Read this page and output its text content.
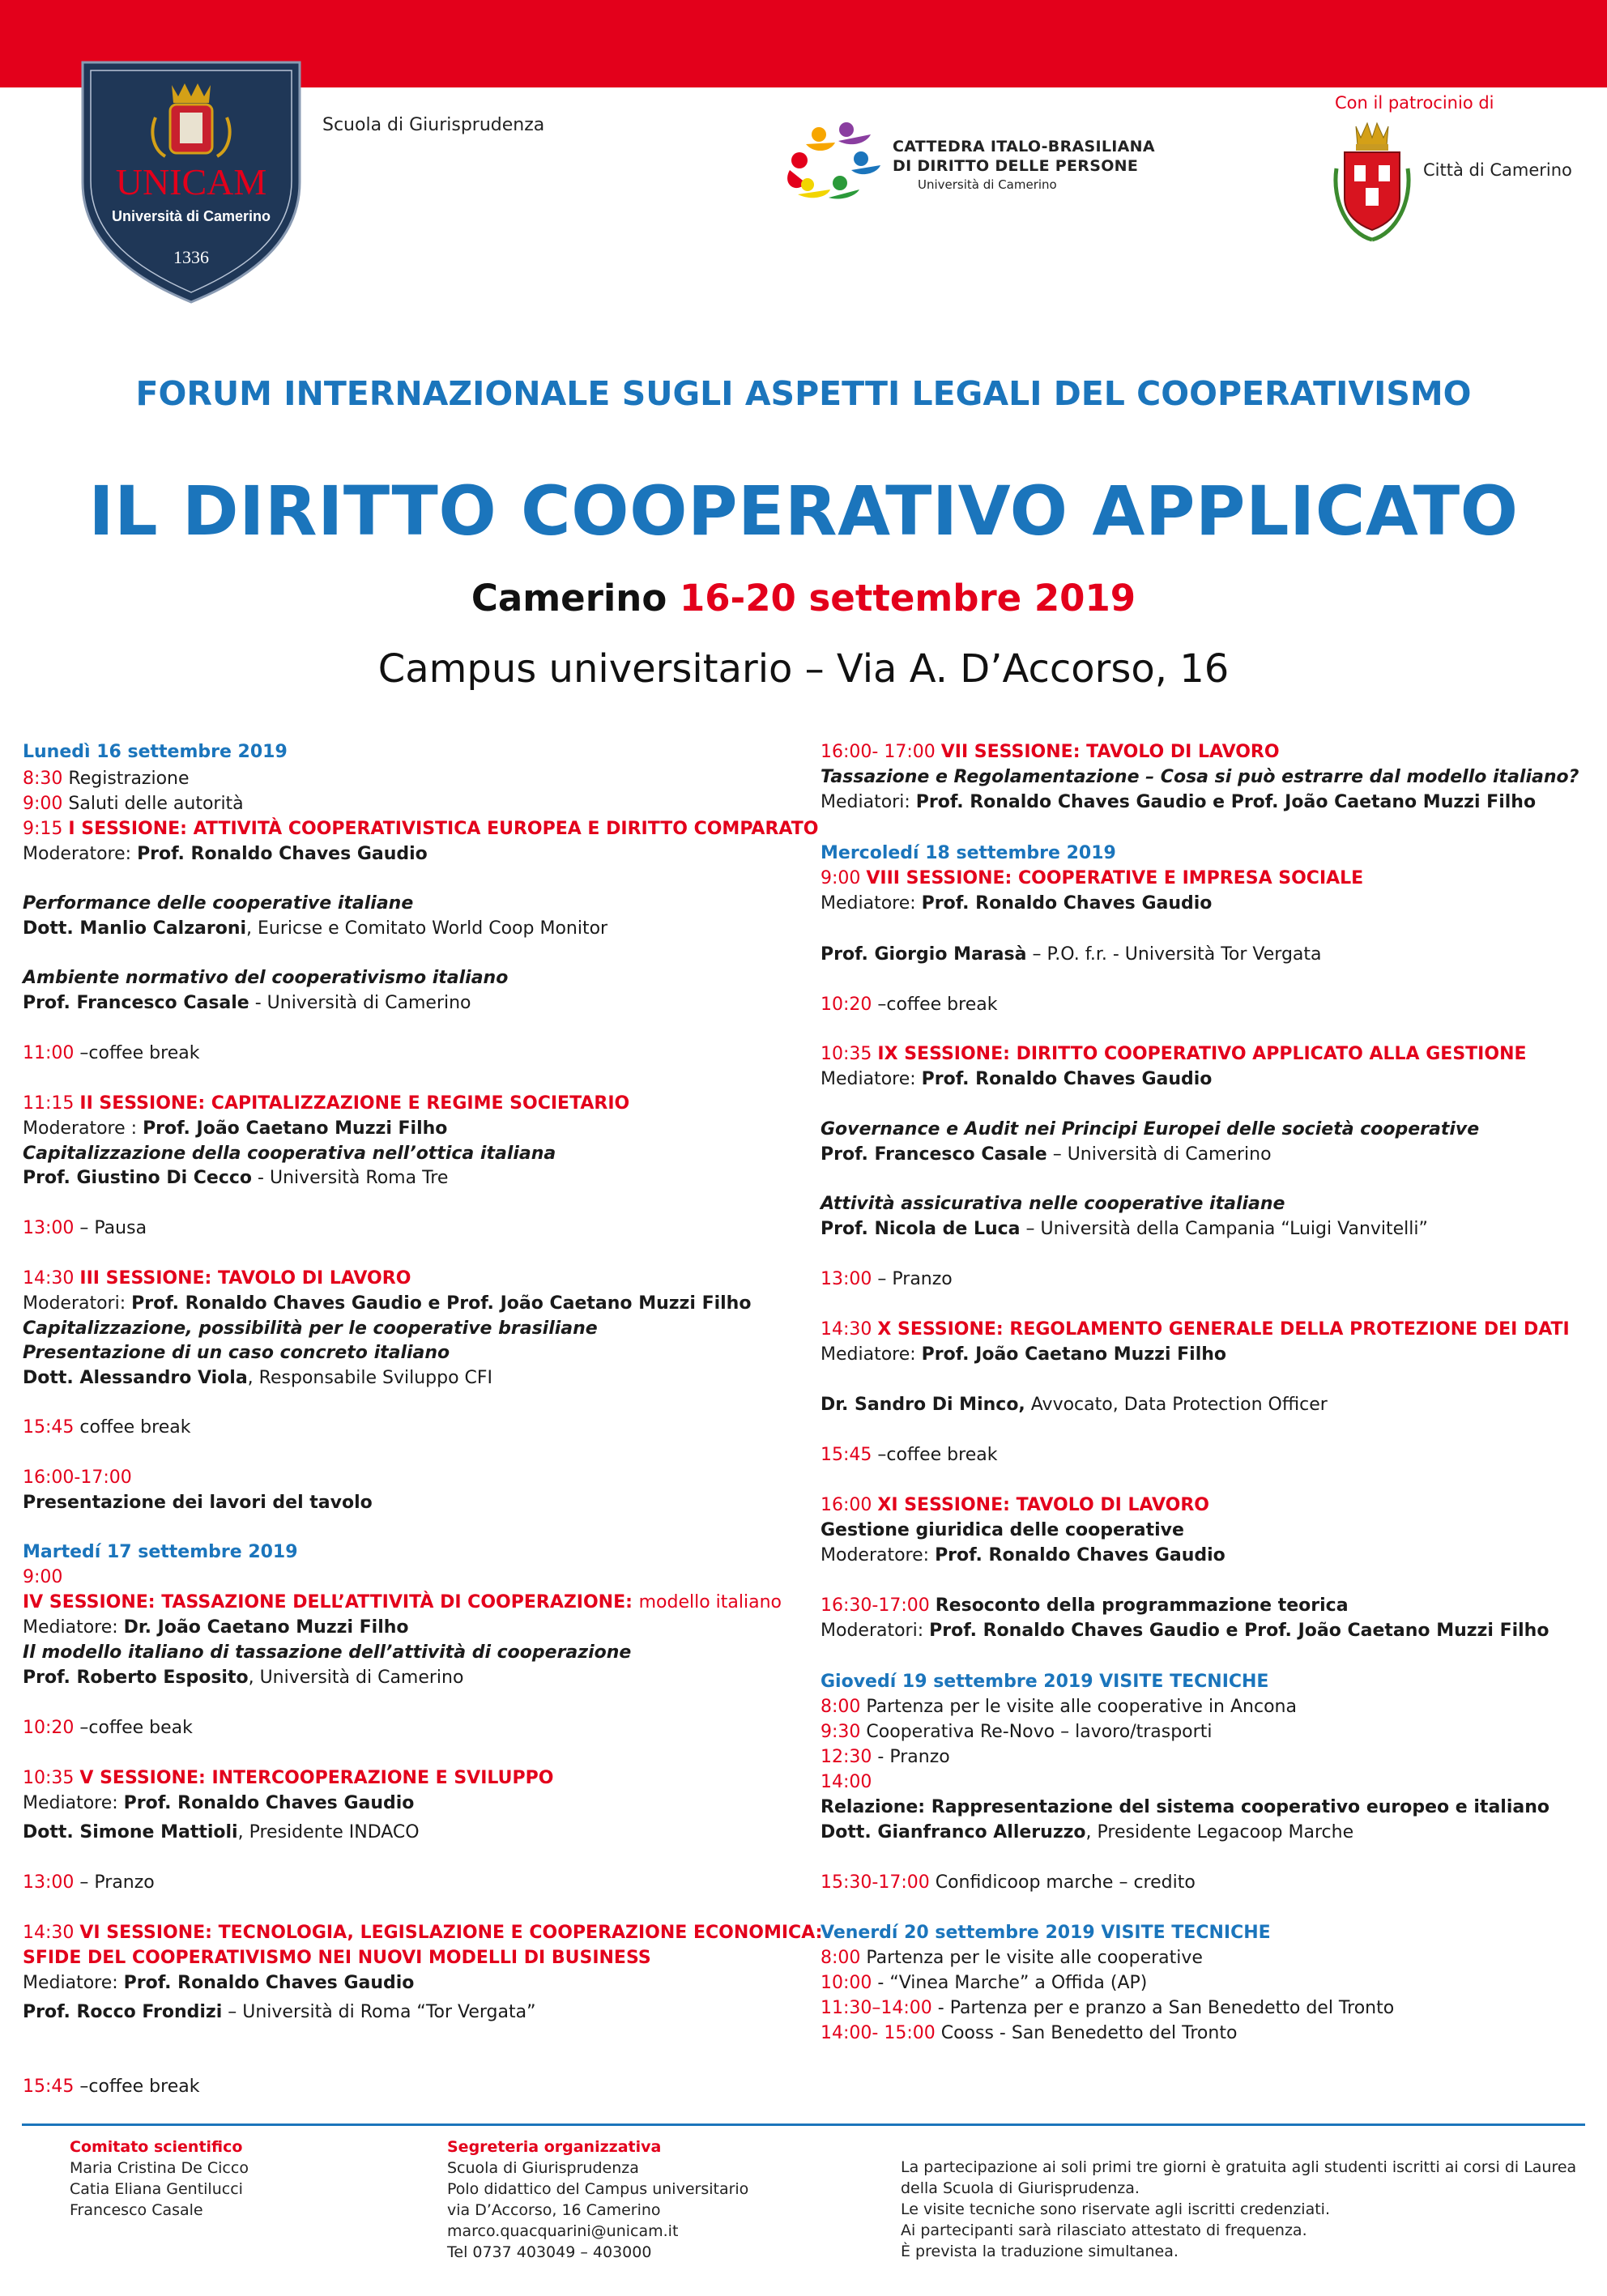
UNICAM
Università di Camerino
1336
Scuola di Giurisprudenza
CATTEDRA ITALO-BRASILIANA
DI DIRITTO DELLE PERSONE
Università di Camerino
Con il patrocinio di
Città di Camerino
FORUM INTERNAZIONALE SUGLI ASPETTI LEGALI DEL COOPERATIVISMO
IL DIRITTO COOPERATIVO APPLICATO
Camerino 16-20 settembre 2019
Campus universitario – Via A. D’Accorso, 16
Lunedì 16 settembre 2019
8:30 Registrazione
9:00 Saluti delle autorità
9:15 I SESSIONE: ATTIVITÀ COOPERATIVISTICA EUROPEA E DIRITTO COMPARATO
Moderatore: Prof. Ronaldo Chaves Gaudio
Performance delle cooperative italiane
Dott. Manlio Calzaroni, Euricse e Comitato World Coop Monitor
Ambiente normativo del cooperativismo italiano
Prof. Francesco Casale - Università di Camerino
11:00 –coffee break
11:15 II SESSIONE: CAPITALIZZAZIONE E REGIME SOCIETARIO
Moderatore : Prof. João Caetano Muzzi Filho
Capitalizzazione della cooperativa nell’ottica italiana
Prof. Giustino Di Cecco - Università Roma Tre
13:00 – Pausa
14:30 III SESSIONE: TAVOLO DI LAVORO
Moderatori: Prof. Ronaldo Chaves Gaudio e Prof. João Caetano Muzzi Filho
Capitalizzazione, possibilità per le cooperative brasiliane
Presentazione di un caso concreto italiano
Dott. Alessandro Viola, Responsabile Sviluppo CFI
15:45 coffee break
16:00-17:00
Presentazione dei lavori del tavolo
Martedí 17 settembre 2019
9:00
IV SESSIONE: TASSAZIONE DELL’ATTIVITÀ DI COOPERAZIONE: modello italiano
Mediatore: Dr. João Caetano Muzzi Filho
Il modello italiano di tassazione dell’attività di cooperazione
Prof. Roberto Esposito, Università di Camerino
10:20 –coffee beak
10:35 V SESSIONE: INTERCOOPERAZIONE E SVILUPPO
Mediatore: Prof. Ronaldo Chaves Gaudio
Dott. Simone Mattioli, Presidente INDACO
13:00 – Pranzo
14:30 VI SESSIONE: TECNOLOGIA, LEGISLAZIONE E COOPERAZIONE ECONOMICA:
SFIDE DEL COOPERATIVISMO NEI NUOVI MODELLI DI BUSINESS
Mediatore: Prof. Ronaldo Chaves Gaudio
Prof. Rocco Frondizi – Università di Roma “Tor Vergata”
15:45 –coffee break
16:00- 17:00 VII SESSIONE: TAVOLO DI LAVORO
Tassazione e Regolamentazione – Cosa si può estrarre dal modello italiano?
Mediatori: Prof. Ronaldo Chaves Gaudio e Prof. João Caetano Muzzi Filho
Mercoledí 18 settembre 2019
9:00 VIII SESSIONE: COOPERATIVE E IMPRESA SOCIALE
Mediatore: Prof. Ronaldo Chaves Gaudio
Prof. Giorgio Marasà – P.O. f.r. - Università Tor Vergata
10:20 –coffee break
10:35 IX SESSIONE: DIRITTO COOPERATIVO APPLICATO ALLA GESTIONE
Mediatore: Prof. Ronaldo Chaves Gaudio
Governance e Audit nei Principi Europei delle società cooperative
Prof. Francesco Casale – Università di Camerino
Attività assicurativa nelle cooperative italiane
Prof. Nicola de Luca – Università della Campania “Luigi Vanvitelli”
13:00 – Pranzo
14:30 X SESSIONE: REGOLAMENTO GENERALE DELLA PROTEZIONE DEI DATI
Mediatore: Prof. João Caetano Muzzi Filho
Dr. Sandro Di Minco, Avvocato, Data Protection Officer
15:45 –coffee break
16:00 XI SESSIONE: TAVOLO DI LAVORO
Gestione giuridica delle cooperative
Moderatore: Prof. Ronaldo Chaves Gaudio
16:30-17:00 Resoconto della programmazione teorica
Moderatori: Prof. Ronaldo Chaves Gaudio e Prof. João Caetano Muzzi Filho
Giovedí 19 settembre 2019 VISITE TECNICHE
8:00 Partenza per le visite alle cooperative in Ancona
9:30 Cooperativa Re-Novo – lavoro/trasporti
12:30 - Pranzo
14:00
Relazione: Rappresentazione del sistema cooperativo europeo e italiano
Dott. Gianfranco Alleruzzo, Presidente Legacoop Marche
15:30-17:00 Confidicoop marche – credito
Venerdí 20 settembre 2019 VISITE TECNICHE
8:00 Partenza per le visite alle cooperative
10:00 - “Vinea Marche” a Offida (AP)
11:30–14:00 - Partenza per e pranzo a San Benedetto del Tronto
14:00- 15:00 Cooss - San Benedetto del Tronto
Comitato scientifico
Maria Cristina De Cicco
Catia Eliana Gentilucci
Francesco Casale
Segreteria organizzativa
Scuola di Giurisprudenza
Polo didattico del Campus universitario
via D’Accorso, 16 Camerino
marco.quacquarini@unicam.it
Tel 0737 403049 – 403000
La partecipazione ai soli primi tre giorni è gratuita agli studenti iscritti ai corsi di Laurea
della Scuola di Giurisprudenza.
Le visite tecniche sono riservate agli iscritti credenziati.
Ai partecipanti sarà rilasciato attestato di frequenza.
È prevista la traduzione simultanea.
